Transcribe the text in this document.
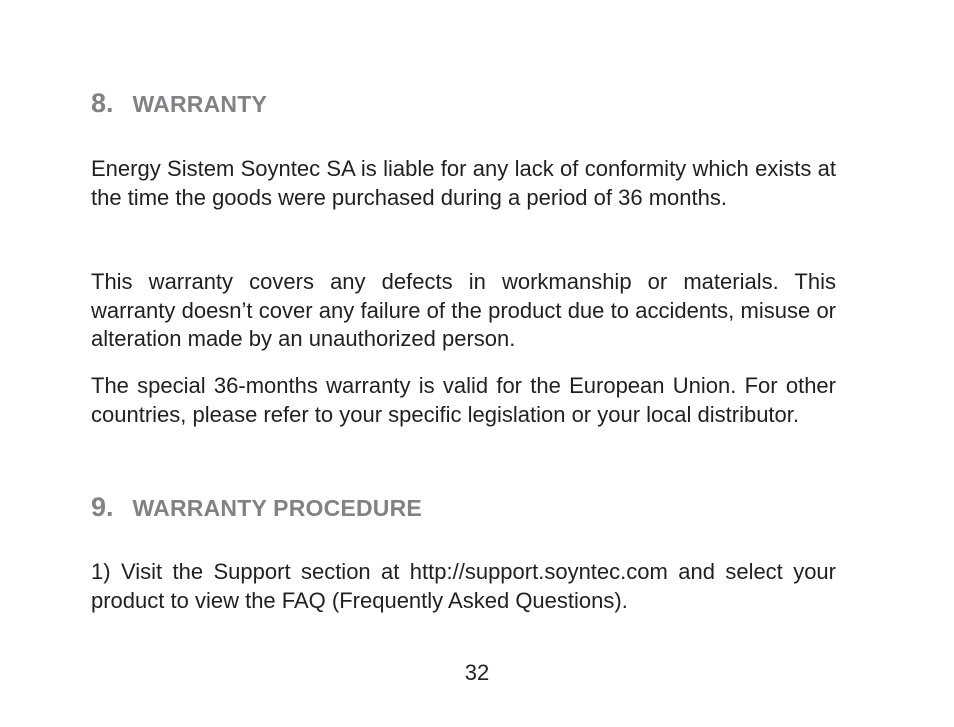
8. WARRANTY

Energy Sistem Soyntec SA is liable for any lack of conformity which exists at the time the goods were purchased during a period of 36 months.

This warranty covers any defects in workmanship or materials. This warranty doesn’t cover any failure of the product due to accidents, misuse or alteration made by an unauthorized person.

The special 36-months warranty is valid for the European Union. For other countries, please refer to your specific legislation or your local distributor.

9. WARRANTY PROCEDURE

1) Visit the Support section at http://support.soyntec.com and select your product to view the FAQ (Frequently Asked Questions).

32
